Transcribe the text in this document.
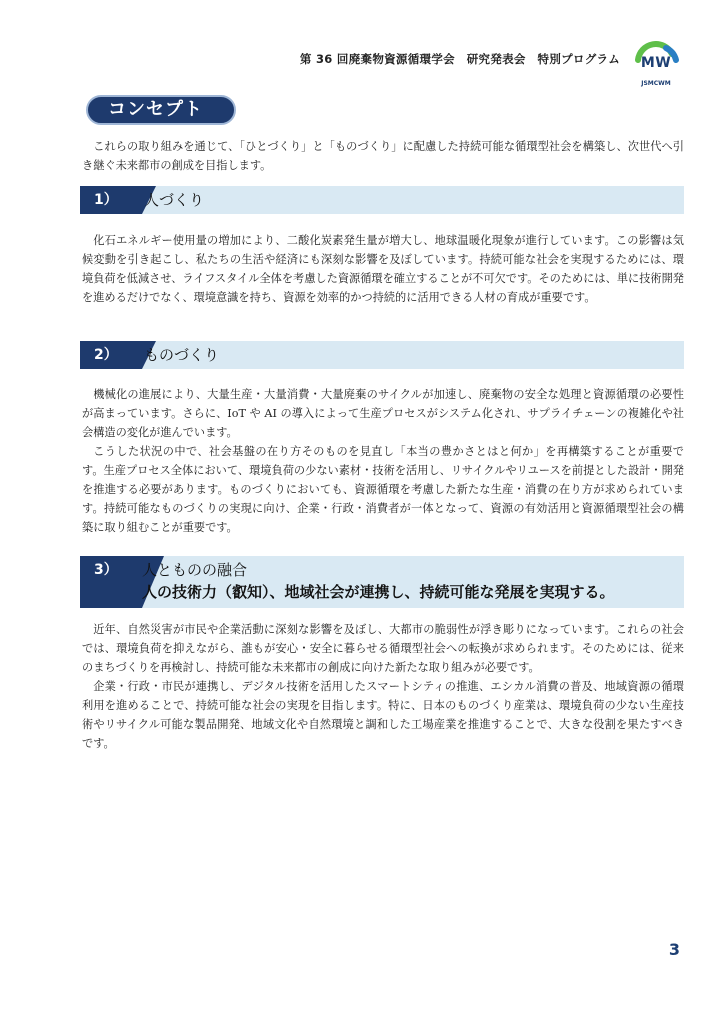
第 36 回廃棄物資源循環学会　研究発表会　特別プログラム	MW
JSMCWM
コンセプト

これらの取り組みを通じて、「ひとづくり」と「ものづくり」に配慮した持続可能な循環型社会を構築し、次世代へ引き継ぐ未来都市の創成を目指します。

1）	人づくり

化石エネルギー使用量の増加により、二酸化炭素発生量が増大し、地球温暖化現象が進行しています。この影響は気候変動を引き起こし、私たちの生活や経済にも深刻な影響を及ぼしています。持続可能な社会を実現するためには、環境負荷を低減させ、ライフスタイル全体を考慮した資源循環を確立することが不可欠です。そのためには、単に技術開発を進めるだけでなく、環境意識を持ち、資源を効率的かつ持続的に活用できる人材の育成が重要です。

2）	ものづくり

機械化の進展により、大量生産・大量消費・大量廃棄のサイクルが加速し、廃棄物の安全な処理と資源循環の必要性が高まっています。さらに、IoT や AI の導入によって生産プロセスがシステム化され、サプライチェーンの複雑化や社会構造の変化が進んでいます。

こうした状況の中で、社会基盤の在り方そのものを見直し「本当の豊かさとはと何か」を再構築することが重要です。生産プロセス全体において、環境負荷の少ない素材・技術を活用し、リサイクルやリユースを前提とした設計・開発を推進する必要があります。ものづくりにおいても、資源循環を考慮した新たな生産・消費の在り方が求められています。持続可能なものづくりの実現に向け、企業・行政・消費者が一体となって、資源の有効活用と資源循環型社会の構築に取り組むことが重要です。

3）	人とものの融合
人の技術力（叡知）、地域社会が連携し、持続可能な発展を実現する。

近年、自然災害が市民や企業活動に深刻な影響を及ぼし、大都市の脆弱性が浮き彫りになっています。これらの社会では、環境負荷を抑えながら、誰もが安心・安全に暮らせる循環型社会への転換が求められます。そのためには、従来のまちづくりを再検討し、持続可能な未来都市の創成に向けた新たな取り組みが必要です。

企業・行政・市民が連携し、デジタル技術を活用したスマートシティの推進、エシカル消費の普及、地域資源の循環利用を進めることで、持続可能な社会の実現を目指します。特に、日本のものづくり産業は、環境負荷の少ない生産技術やリサイクル可能な製品開発、地域文化や自然環境と調和した工場産業を推進することで、大きな役割を果たすべきです。

3
